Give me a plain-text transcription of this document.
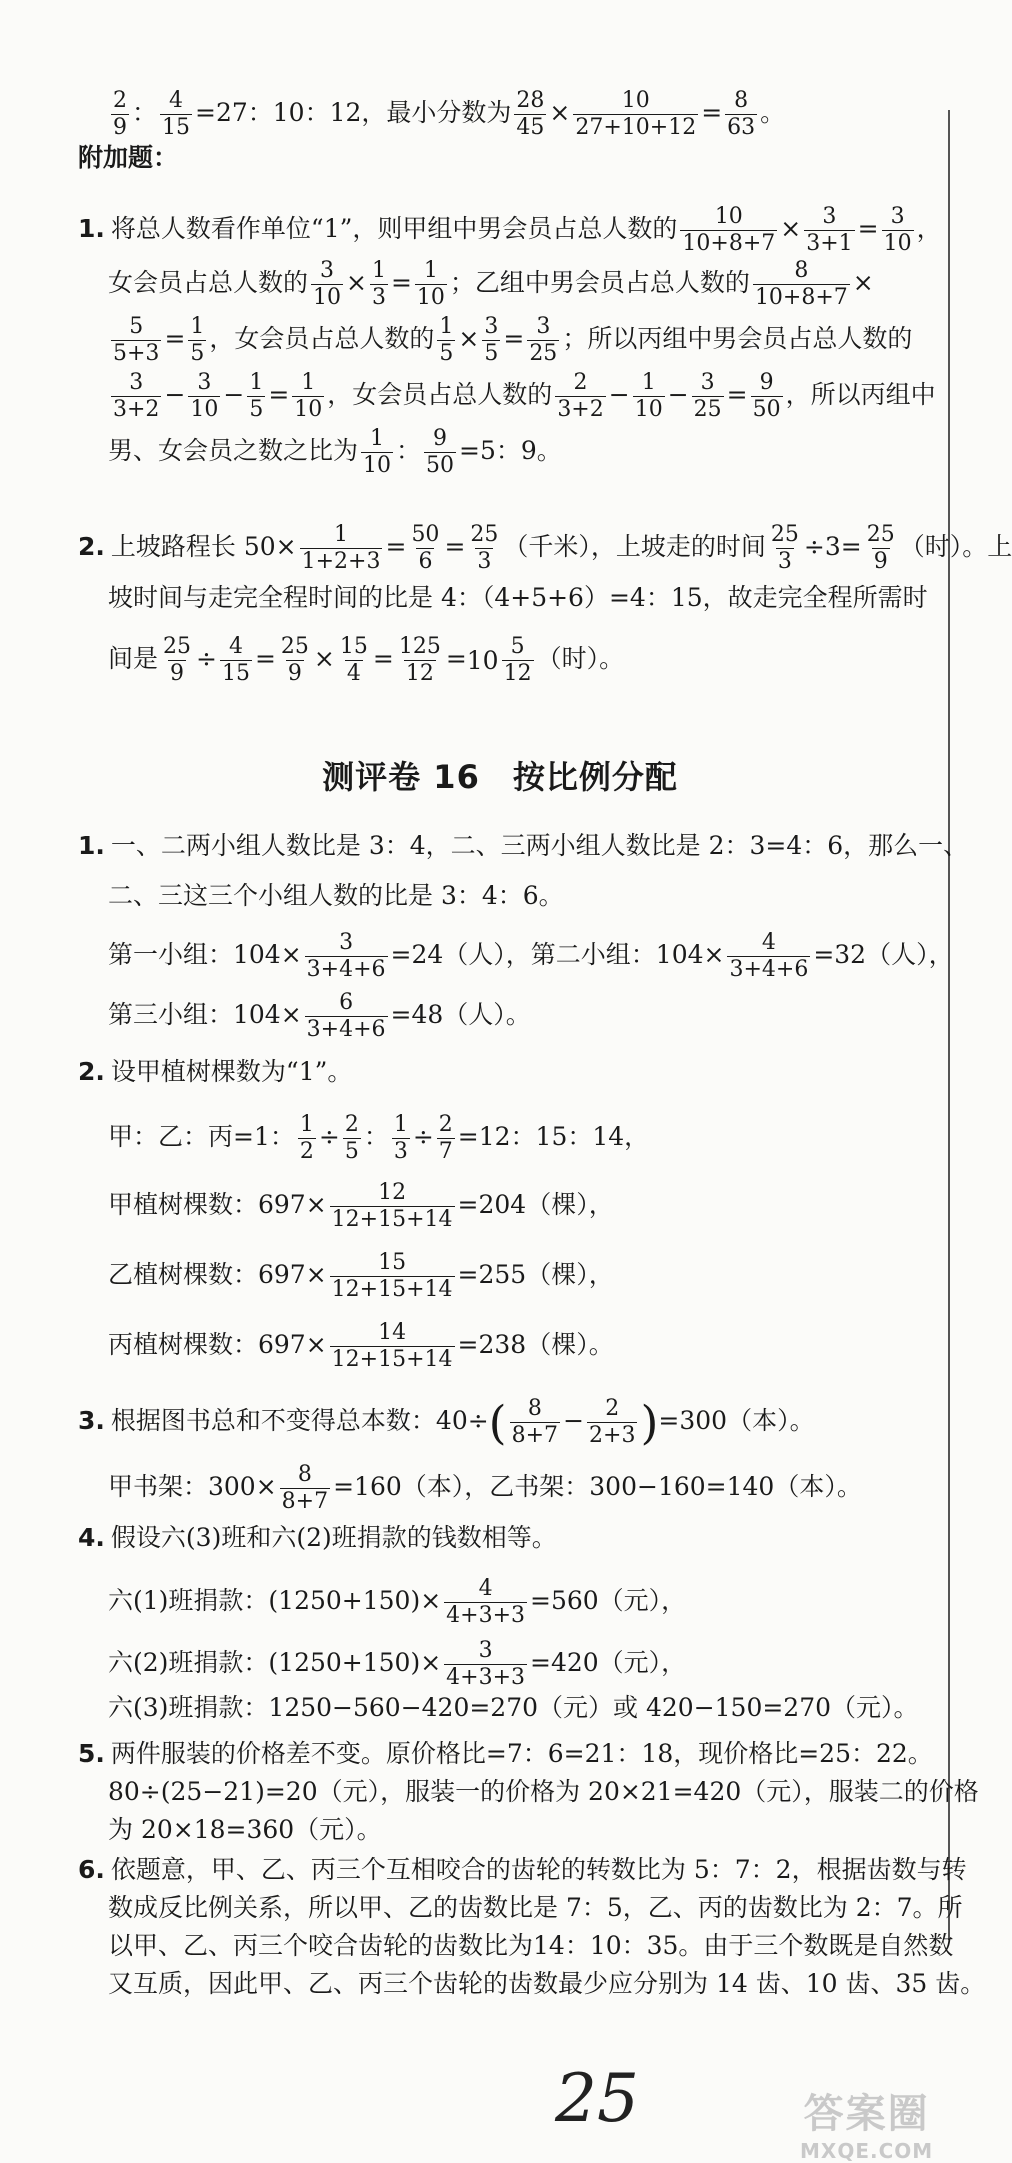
$\frac{2}{9}$ ： $\frac{4}{15} =27$：10：12，最小分数为 $\frac{28}{45} \times \frac{10}{27+10+12} = \frac{8}{63}$ 。
附加题：
1. 将总人数看作单位“1”，则甲组中男会员占总人数的 $\frac{10}{10+8+7} \times \frac{3}{3+1} = \frac{3}{10}$ ，
女会员占总人数的 $\frac{3}{10} \times \frac{1}{3} = \frac{1}{10}$ ；乙组中男会员占总人数的 $\frac{8}{10+8+7}$ ×
$\frac{5}{5+3} = \frac{1}{5}$ ，女会员占总人数的 $\frac{1}{5} \times \frac{3}{5} = \frac{3}{25}$ ；所以丙组中男会员占总人数的
$\frac{3}{3+2} - \frac{3}{10} - \frac{1}{5} = \frac{1}{10}$ ，女会员占总人数的 $\frac{2}{3+2} - \frac{1}{10} - \frac{3}{25} = \frac{9}{50}$ ，所以丙组中
男、女会员之数之比为 $\frac{1}{10}$ ： $\frac{9}{50} =5$：9。
2. 上坡路程长 $50\times \frac{1}{1+2+3} = \frac{50}{6} = \frac{25}{3}$ （千米），上坡走的时间 $\frac{25}{3} \div 3= \frac{25}{9}$ （时）。上
坡时间与走完全程时间的比是 4：（4+5+6）=4：15，故走完全程所需时
间是 $\frac{25}{9} \div \frac{4}{15} = \frac{25}{9} \times \frac{15}{4} = \frac{125}{12} = 10 \frac{5}{12}$ （时）。
测评卷 16　按比例分配
1. 一、二两小组人数比是 3：4，二、三两小组人数比是 2：3=4：6，那么一、
二、三这三个小组人数的比是 3：4：6。
第一小组：$104\times \frac{3}{3+4+6} =24$（人），第二小组：$104\times \frac{4}{3+4+6} =32$（人），
第三小组：$104\times \frac{6}{3+4+6} =48$（人）。
2. 设甲植树棵数为“1”。
甲：乙：丙=1： $\frac{1}{2} \div \frac{2}{5}$ ： $\frac{1}{3} \div \frac{2}{7} =12$：15：14，
甲植树棵数：$697\times \frac{12}{12+15+14} =204$（棵），
乙植树棵数：$697\times \frac{15}{12+15+14} =255$（棵），
丙植树棵数：$697\times \frac{14}{12+15+14} =238$（棵）。
3. 根据图书总和不变得总本数：$40\div( \frac{8}{8+7} - \frac{2}{2+3} )=300$（本）。
甲书架：$300\times \frac{8}{8+7} =160$（本），乙书架：300−160=140（本）。
4. 假设六(3)班和六(2)班捐款的钱数相等。
六(1)班捐款：$(1250+150)\times \frac{4}{4+3+3} =560$（元），
六(2)班捐款：$(1250+150)\times \frac{3}{4+3+3} =420$（元），
六(3)班捐款：1250−560−420=270（元）或 420−150=270（元）。
5. 两件服装的价格差不变。原价格比=7：6=21：18，现价格比=25：22。
80÷(25−21)=20（元），服装一的价格为 20×21=420（元），服装二的价格
为 20×18=360（元）。
6. 依题意，甲、乙、丙三个互相咬合的齿轮的转数比为 5：7：2，根据齿数与转
数成反比例关系，所以甲、乙的齿数比是 7：5，乙、丙的齿数比为 2：7。所
以甲、乙、丙三个咬合齿轮的齿数比为14：10：35。由于三个数既是自然数
又互质，因此甲、乙、丙三个齿轮的齿数最少应分别为 14 齿、10 齿、35 齿。
25	答案圈
MXQE.COM
